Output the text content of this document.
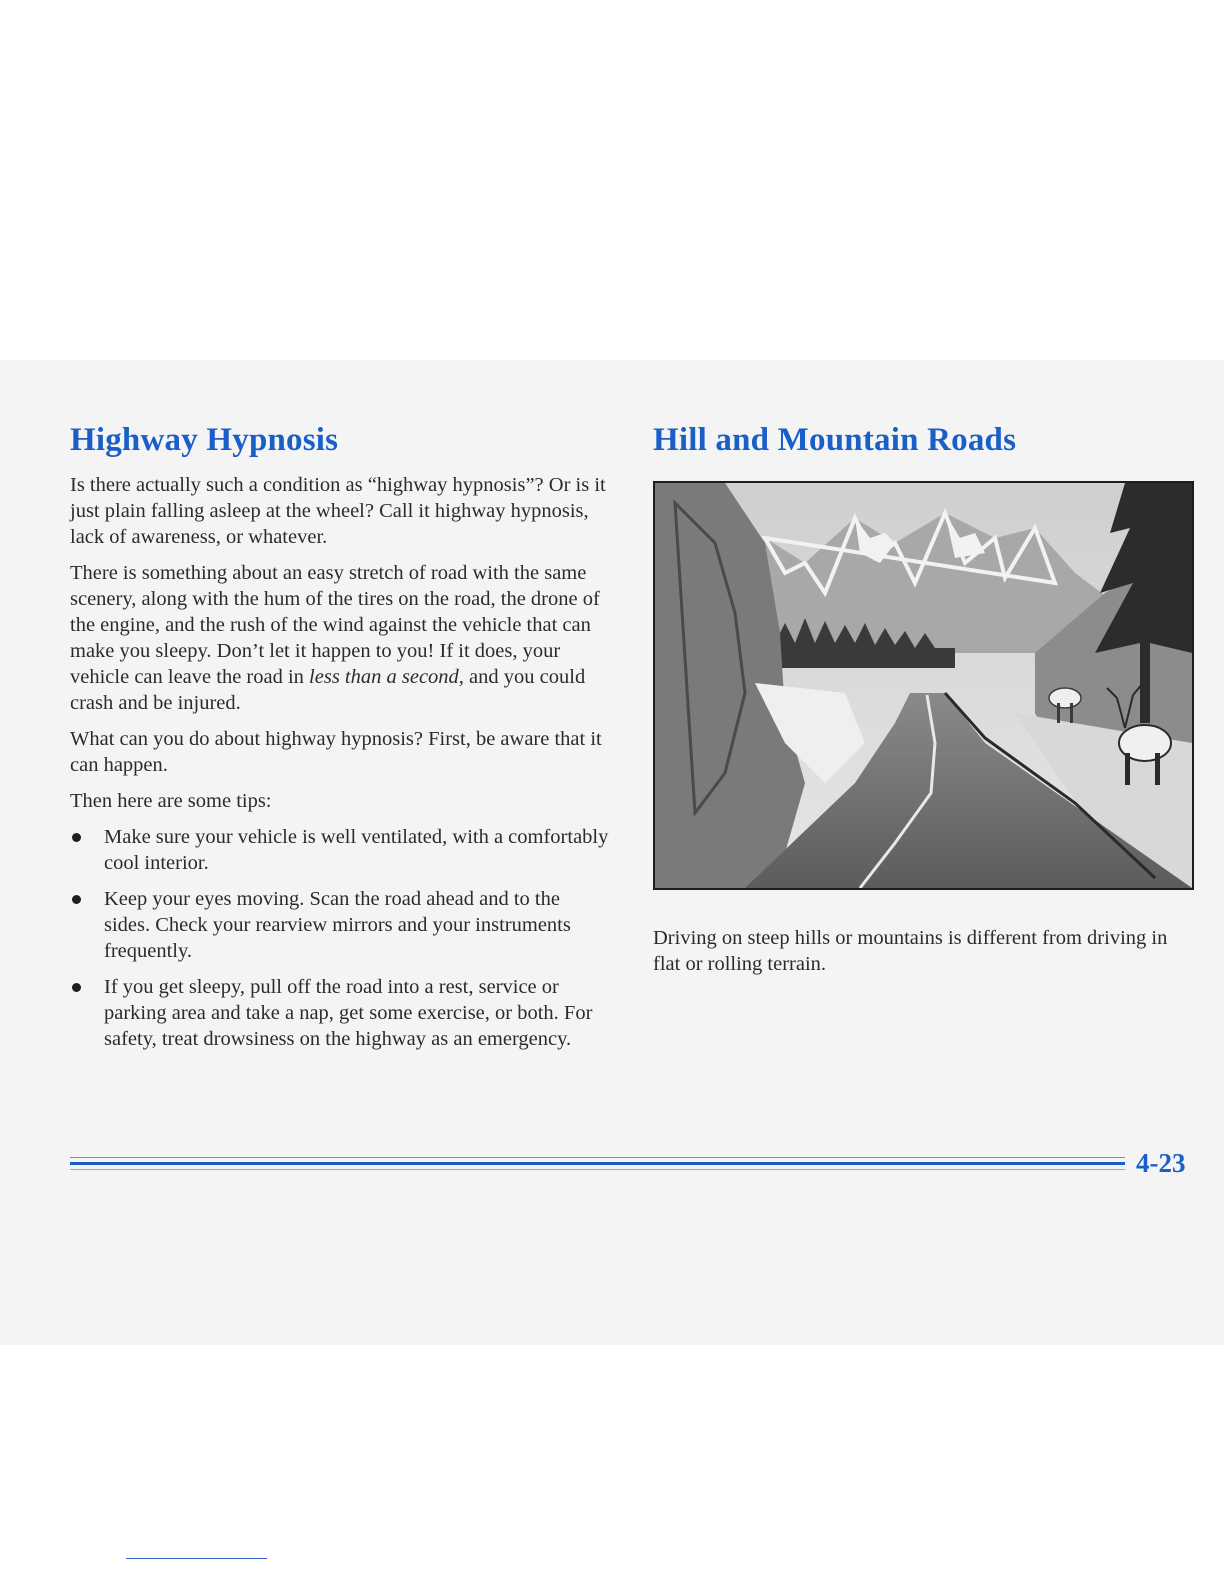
Highway Hypnosis

Is there actually such a condition as “highway hypnosis”? Or is it just plain falling asleep at the wheel? Call it highway hypnosis, lack of awareness, or whatever.

There is something about an easy stretch of road with the same scenery, along with the hum of the tires on the road, the drone of the engine, and the rush of the wind against the vehicle that can make you sleepy. Don’t let it happen to you! If it does, your vehicle can leave the road in less than a second, and you could crash and be injured.

What can you do about highway hypnosis? First, be aware that it can happen.

Then here are some tips:

Make sure your vehicle is well ventilated, with a comfortably cool interior.
Keep your eyes moving. Scan the road ahead and to the sides. Check your rearview mirrors and your instruments frequently.
If you get sleepy, pull off the road into a rest, service or parking area and take a nap, get some exercise, or both. For safety, treat drowsiness on the highway as an emergency.
Hill and Mountain Roads

Driving on steep hills or mountains is different from driving in flat or rolling terrain.

4-23
